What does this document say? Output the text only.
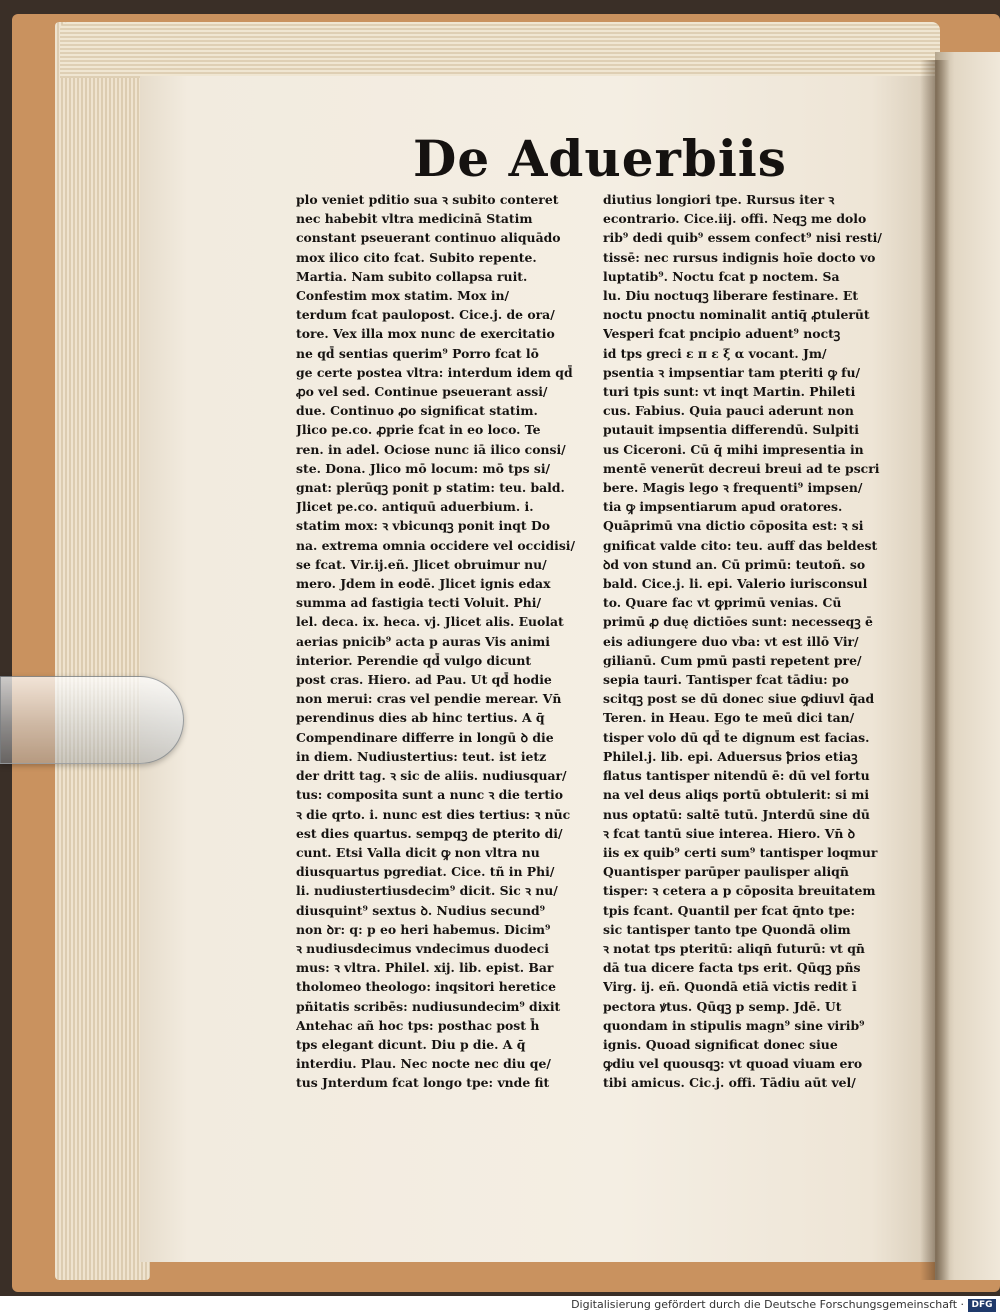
De Aduerbiis
plo veniet pditio sua ꝛ subito conteret
nec habebit vltra medicinā Statim
constant pseuerant continuo aliquādo
mox ilico cito fcat. Subito repente.
Martia. Nam subito collapsa ruit.
Confestim mox statim. Mox in/
terdum fcat paulopost. Cice.j. de ora/
tore. Vex illa mox nunc de exercitatio
ne qd̄ sentias querim⁹ Porro fcat lō
ge certe postea vltra: interdum idem qd̄
ꝓo vel sed. Continue pseuerant assi/
due. Continuo ꝓo significat statim.
Jlico pe.co. ꝓprie fcat in eo loco. Te
ren. in adel. Ociose nunc iā ilico consi/
ste. Dona. Jlico mō locum: mō tps si/
gnat: plerūqꝫ ponit p statim: teu. bald.
Jlicet pe.co. antiquū aduerbium. i.
statim mox: ꝛ vbicunqꝫ ponit inqt Do
na. extrema omnia occidere vel occidisi/
se fcat. Vir.ij.eñ. Jlicet obruimur nu/
mero. Jdem in eodē. Jlicet ignis edax
summa ad fastigia tecti Voluit. Phi/
lel. deca. ix. heca. vj. Jlicet alis. Euolat
aerias pnicib⁹ acta p auras Vis animi
interior. Perendie qd̄ vulgo dicunt
post cras. Hiero. ad Pau. Ut qd̄ hodie
non merui: cras vel pendie merear. Vn̄
perendinus dies ab hinc tertius. A q̄
Compendinare differre in longū ꝺ die
in diem. Nudiustertius: teut. ist ietz
der dritt tag. ꝛ sic de aliis. nudiusquar/
tus: composita sunt a nunc ꝛ die tertio
ꝛ die qrto. i. nunc est dies tertius: ꝛ nūc
est dies quartus. sempqꝫ de pterito di/
cunt. Etsi Valla dicit ꝙ non vltra nu
diusquartus pgrediat. Cice. tñ in Phi/
li. nudiustertiusdecim⁹ dicit. Sic ꝛ nu/
diusquint⁹ sextus ꝺ. Nudius secund⁹
non ꝺr: q: p eo heri habemus. Dicim⁹
ꝛ nudiusdecimus vndecimus duodeci
mus: ꝛ vltra. Philel. xij. lib. epist. Bar
tholomeo theologo: inqsitori heretice
pñitatis scribēs: nudiusundecim⁹ dixit
Antehac añ hoc tps: posthac post h̄
tps elegant dicunt. Diu p die. A q̄
interdiu. Plau. Nec nocte nec diu qe/
tus Jnterdum fcat longo tpe: vnde fit
diutius longiori tpe. Rursus iter ꝛ
econtrario. Cice.iij. offi. Neqꝫ me dolo
rib⁹ dedi quib⁹ essem confect⁹ nisi resti/
tissē: nec rursus indignis hoīe docto vo
luptatib⁹. Noctu fcat p noctem. Sa
lu. Diu noctuqꝫ liberare festinare. Et
noctu pnoctu nominalit antiq̄ ꝓtulerūt
Vesperi fcat pncipio aduent⁹ noctꝫ
id tps greci ε π ε ξ α vocant. Jm/
psentia ꝛ impsentiar tam pteriti ꝙ fu/
turi tpis sunt: vt inqt Martin. Phileti
cus. Fabius. Quia pauci aderunt non
putauit impsentia differendū. Sulpiti
us Ciceroni. Cū q̄ mihi impresentia in
mentē venerūt decreui breui ad te pscri
bere. Magis lego ꝛ frequenti⁹ impsen/
tia ꝙ impsentiarum apud oratores.
Quāprimū vna dictio cōposita est: ꝛ si
gnificat valde cito: teu. auff das beldest
ꝺd von stund an. Cū primū: teutoñ. so
bald. Cice.j. li. epi. Valerio iurisconsul
to. Quare fac vt ꝙprimū venias. Cū
primū ꝓ duę dictiōes sunt: necesseqꝫ ē
eis adiungere duo vba: vt est illō Vir/
gilianū. Cum pmū pasti repetent pre/
sepia tauri. Tantisper fcat tādiu: po
scitqꝫ post se dū donec siue ꝙdiuvl q̄ad
Teren. in Heau. Ego te meū dici tan/
tisper volo dū qd̄ te dignum est facias.
Philel.j. lib. epi. Aduersus ꝥrios etiaꝫ
flatus tantisper nitendū ē: dū vel fortu
na vel deus aliqs portū obtulerit: si mi
nus optatū: saltē tutū. Jnterdū sine dū
ꝛ fcat tantū siue interea. Hiero. Vn̄ ꝺ
iis ex quib⁹ certi sum⁹ tantisper loqmur
Quantisper parūper paulisper aliqn̄
tisper: ꝛ cetera a p cōposita breuitatem
tpis fcant. Quantil per fcat q̄nto tpe:
sic tantisper tanto tpe Quondā olim
ꝛ notat tps pteritū: aliqn̄ futurū: vt qn̄
dā tua dicere facta tps erit. Qūqꝫ pñs
Virg. ij. eñ. Quondā etiā victis redit ī
pectora ꝟtus. Qūqꝫ p semp. Jdē. Ut
quondam in stipulis magn⁹ sine virib⁹
ignis. Quoad significat donec siue
ꝙdiu vel quousqꝫ: vt quoad viuam ero
tibi amicus. Cic.j. offi. Tādiu aūt vel/
Digitalisierung gefördert durch die Deutsche Forschungsgemeinschaft · DFG
